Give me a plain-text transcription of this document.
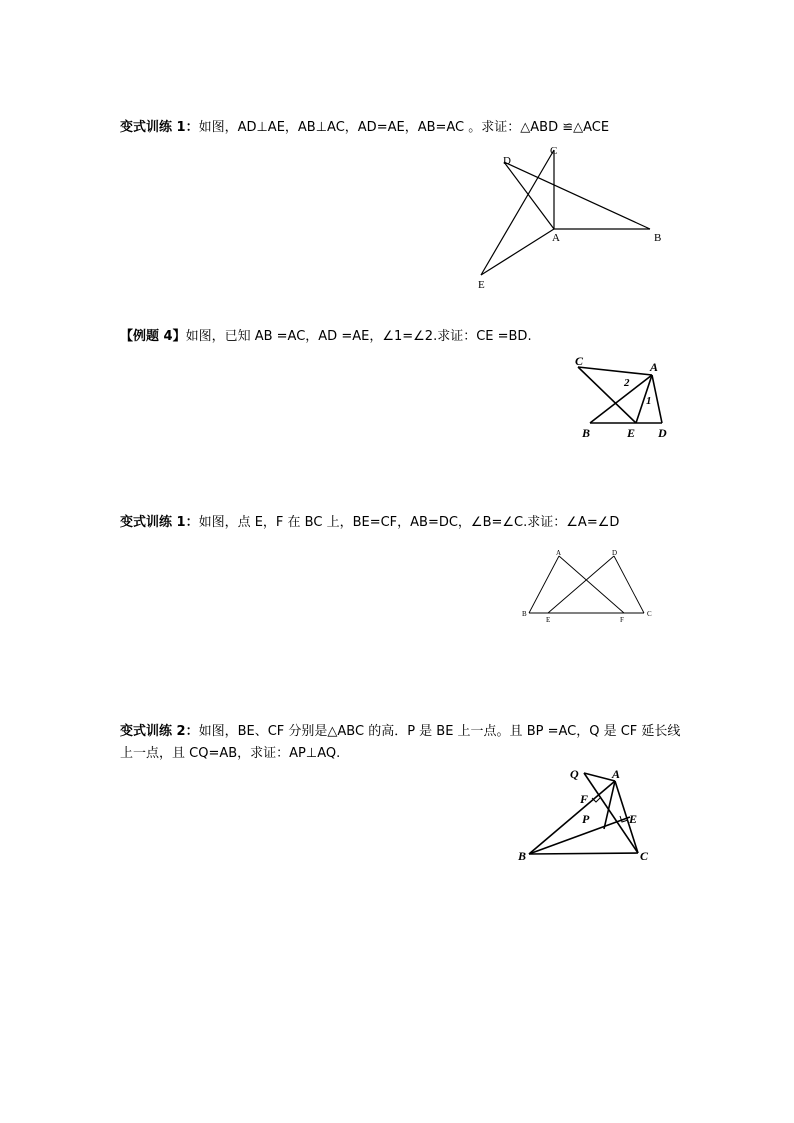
变式训练 1：如图，AD⊥AE，AB⊥AC，AD=AE，AB=AC 。求证：△ABD ≌△ACE
D
C
A	B
E
【例题 4】如图，已知 AB =AC，AD =AE，∠1=∠2.求证：CE =BD.
C	A
2
1
B	E D
变式训练 1：如图，点 E，F 在 BC 上，BE=CF，AB=DC，∠B=∠C.求证：∠A=∠D
A	D
B
E	F
C
变式训练 2：如图，BE、CF 分别是△ABC 的高．P 是 BE 上一点。且 BP =AC，Q 是 CF 延长线
上一点，且 CQ=AB，求证：AP⊥AQ.
Q	A
F
E
P
B	C
